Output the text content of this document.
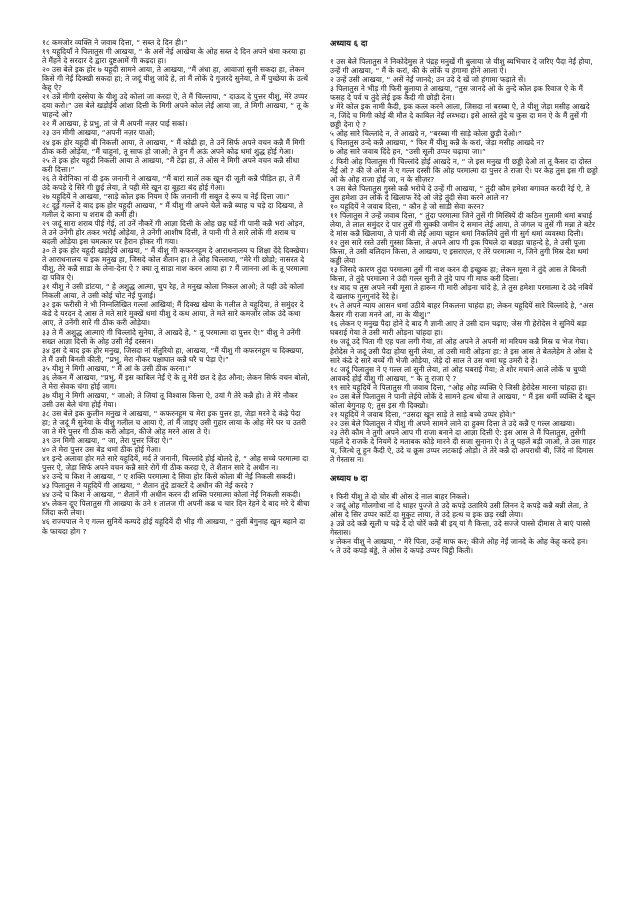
१८ कमजोर व्यक्ति ने जवाब दित्ता, “ सब्त दे दिन ही।”

१९ यहूदियाँ ने पिलातुस गी आखया, “ के असें नेई आखेया के ओह सब्त दे दिन अपने थंमा करया हा ते मैंहने दे सरदार दे द्वारा दुष्टआमें गी कढ़दा हा।

२० उस बेले इक होर ७ यहूदी सामने आया, ते आखया, “मैं अंधा हा, आवाजां सुनी सकदा हा, लेकन किसे गी नेईं दिक्खी सकदा हा; ते जदूं यीशु जांदे हे, तां मैं लोकें दे गुजरदे सुनेया, ते मैं पुच्छेया के उत्थें केह् ऐ?

२१ उन्नें मीगी दस्सेया के यीशु उदे कोलां जा करदा ऐ, ते मैं चिल्लाया, “ दाऊद दे पुत्तर यीशु, मेरे उप्पर दया करो।” उस बेले खड़ोईये आंशा दित्ती के मिगी अपने कोल लेईं आया जा, ते मिगी आखया, “ तू के चाहन्दे ओ?

२२ मैं आखया, हे प्रभु, तां जे मैं अपनी नज़र पाई सकां।

२३ उन मीगी आखया, “अपनी नज़र पाओ;

२४ इक होर यहूदी बी निकली आया, ते आखया, “ मैं कोढ़ी हा, ते उनें सिर्फ अपने वचन कन्नै मैं मिगी ठीक करी ओड़ेया, “मैं चाहुनां, तू साफ हो जाओ; ते हुन गैं अऊं अपने कोढ़ थमां शुद्ध होई गेआ।

२५ ते इक होर यहूदी निकली आया ते आखया, “मैं टेढ़ा हा, ते ओस ने मिगी अपने वचन कन्नै सीधा करी दित्ता।”

२६ ते वेरोनिका नां दी इक जनानी ने आखया, “मैं बारां सालें तक खून दी जूती कन्नै पीड़ित हा, ते मैं उंदे कपड़े दे सिरे गी छुई लेया, ते पही मेरे खून दा बूहटा बंद होई गेआ।

२७ यहूदियें ने आखया, “साड़े कोल इक नियम ऐ कि जनानी गी सबूत दे रूप च नेईं दित्ता जा।”

२८ दूई गल्लें दे बाद इक होर यहूदी आखया, “ मैं यीशु गी अपने चेलें कन्नै ब्याह च चड़े दा दिखया, ते गलील दे काना च शराब दी कमी ही।

२९ जदूं सारा शराब पीई गेई, तां उनें नौकरें गी आज्ञा दित्ती के ओह छह घड़ें गी पानी कन्नै भरां ओड़न, ते उने उनेंगी होर तकर भरोई ओड़ेया, ते उनेंगी आशीष दित्ती, ते पानी गी ते सारे लोकें गी शराब च बदली ओड़ेया इस चमत्कार पर हैरान होकर गी गया।

३० ते इक होर यहूदी खड़ोईये आखया, “ मैं यीशु गी कफरनहूम दे आराधनालय च शिक्षा देंदे दिक्खेया। ते आराधनालय च इक मनुख हा, जिसदे कोल शैतान हा। ते ओह चिल्लाया, “मेरे गी छोड़ो; नासरत दे यीशु, तेरे कन्नै साडा के लेना-देना ऐ ? क्या तू साडा नाश करन आया हा ? मैं जानना आं के तू परमात्मा दा पवित्र ऐ।

३१ यीशु ने उसी डांटया, “ हे अशुद्ध आत्मा, चुप रेह, ते मनुख कोला निकल आओ; ते पही उदे कोलां निकली आया, ते उसी कोई चोट नेईं पुजाई।

३२ इक फरीसी ने भी निम्नलिखित गल्लां आखियां; मैं दिक्ख खेया के गलील ते यहूदिया, ते समुंदर दे कंडे दे यरदन दे आस ते मते सारे मुक्खें थमां यीशु दे कथ आया, ते मते सारे कमजोर लोक उंदे कथा आए, ते उनेंगी सारें गी ठीक करी ओड़ेया।

३३ ते मैं अशुद्ध आत्माएं गी चिल्लांदे सुनेया, ते आखदे हे, “ तू परमात्मा दा पुत्तर ऐ!” यीशु ने उनेंगी सख्त आज्ञा दित्ती के ओह उसी नेईं दस्सन।

३४ इस दे बाद इक होर मनुख, जिसदा नां सेंतुरियो हा, आखया, “मैं यीशु गी कफरनहूम च दिक्खया, ते मैं उसी बिनती कीती, “प्रभु, मेरा नौकर पक्षाघात कन्नै घरै च पेड़ा ऐ।”

३५ यीशु ने मिगी आखया, “ मैं आं के उसी ठीक करना।”

३६ लेकन मैं आखया, “प्रभु, मैं इस काबिल नेईं ऐ के तू मेरी छत दे हेठ औना; लेकन सिर्फ वचन बोलो, ते मेरा सेवक चंगा होई जाग।

३७ यीशु ने मिगी आखया, “ जाओ; ते जियां तू विश्वास कित्ता ऐ, उयां गै तेरे कन्नै हो। ते मेरे नौकर उसी उस बेले चंगा होई गेया।

३८ उस बेले इक कुलीन मनुख ने आखया, “ कफरनहूम च मेरा इक पुत्तर हा, जेड़ा मरने दे कंढ़े पेदा हा; ते जदूं मैं सुनेया के यीशु गलील च आया ऐ, तां मैं जाइए उसी गुहार लाया के ओह मेरे घर च उतरी जा ते मेरे पुत्तर गी ठीक करी ओड़न, कीजे ओह मरने आस ते ऐ।

३९ उन मिगी आखया, “ जा, तेरा पुत्तर जिंदा ऐ।”

४० ते मेरा पुत्तर उस बेड थमां ठीक होई गेआ।

४१ इन्दे अलावा होर मते सारे यहूदियें, मर्द ते जनानी, चिल्लांदे होई बोलदे हे, “ ओह सच्चे परमात्मा दा पुत्तर ऐ, जेड़ा सिर्फ अपने वचन कन्नै सारे रोगें गी ठीक करदा ऐ, ते शैतान सारे दे अधीन न।

४२ उन्दे च किश ने आखया, “ ए शक्ति परमात्मा दे सिवा होर किसे कोला बी नेईं निकली सकदी।

४३ पिलातुस ने यहूदियें गी आखया, “ शैतान तुंदे डाक्टरें दे अधीन की नेईं करदे ?

४४ उन्दे च किश ने आखया, “ शैतानें गी अधीन करन दी शक्ति परमात्मा कोलां नेईं निकली सकदी।

४५ लेकन दूए पिलातुस गी आखया के उने १ तालज गी अपनी कब्र च चार दिन रेहने दे बाद मरे दे बीचा जिंदा करी लेया।

४६ राज्यपाल ने ए गल्ल सुनियें कम्पदे होई यहूदियें दी भीड़ गी आखया, “ तुसीं बेगुनाह खून बहाने दा के फायदा होग ?

अध्याय ६ दा

१ उस बेले पिलातुस ने निकोदेमुस ते पंद्रह मनुखें गी बुलाया जे यीशु ब्यभिचार दे जरिए पैदा नेईं होया, उन्हें गी आखया, “ मैं के करां, की के लोकें च हंगामा होने आला ऐ।

२ उन्हें उसी आखया, “ असें नेईं जानदे; उन उदे दे खें जो हंगामा फड़ाते सें।

३ पिलातुस ने भीड़ गी फिरी बुलाया ते आखया, “तुस जानदे ओ के तुन्दे कोल इक रिवाज ऐ के मैं फसह दे पर्व च तुंदे लेई इक कैदी गी छोड़ी देना।

४ मेरे कोल इक नामी कैदी, इक कत्ल करने आला, जिसदा नां बरब्बा ऐ, ते यीशु जेड़ा मसीह आखदे न, जिंदे च मिगी कोई बी मौत दे काबिल नेईं लब्भदा। इसे आस्ते तुंदे च कुस दा मन ऐ के मैं तुसें गी छड्डी देना ऐ ?

५ ओह सारे चिल्लांदे न, ते आखदे न, “बरब्बा गी साड़े कोला छुड़ी देओ।”

६ पिलातुस उन्दे कन्नै आखया, “ फिर मैं यीशु कन्नै के करां, जेड़ा मसीह आखदे न?

७ ओह सारे जवाब दिंदे हन, “उसी सूली उप्पर चढ़ाया जा।”

८ फिरी ओह पिलातुस गी चिल्लांदे होई आखदे न, “ जे इस मनुख गी छड्डी देओ तां तू कैसर दा दोस्त नेईं ओ ? की जे ओस ने ए गल्ल दस्सी कि ओह परमात्मा दा पुत्तर ते राजा ऐ। पर केह तुस इस गी छड्डो ओ के ओह राजा होईं जा, न के सीज़र?

९ उस बेले पिलातुस गुस्से कन्नै भरोचे दे उन्हें गी आखया, “ तुंदी कौम हमेशा बगावत करदी रेई ऐ, ते तुस हमेशा उन लोकें दे खिलाफ रेंदे ओ जेड़े तुंदी सेवा करने आले न?

१० यहूदियें ने जवाब दित्ता, “ कौन हे जो साडी सेवा करन?

११ पिलातुस ने उन्हें जवाब दित्ता, “ तुंदा परमात्मा जिने तुसें गी मिस्त्रियें दी कठिन गुलामी थमां बचाई लेया, ते लाल समुंदर दे पार तुसें गी सुक्की जमीन दे समान लेई आया, ते जंगल च तुसें गी मन्ना ते बटेर दे मांस कन्नै खिलाया, ते पानी बी लेई आया चट्टान थमां निकलिये तुसें गी सुर्ग थमां व्यवस्था दित्ती।

१२ तुस सारे रस्ते उसी गुस्सा कित्ता, ते अपने आप गी इक पिघले दा बछड़ा चाहन्दे हे, ते उसी पूजा कित्ता, ते उसी बलिदान कित्ता, ते आखया, ए इसराएल, ए तेरे परमात्मा न, जिने तुगी मिस्र देश थमां कड्डी लेया

१३ जिसदे कारण तुंदा परमात्मा तुसें गी नाश करन दी इच्छुक हा; लेकन मूसा ने तुंदे आस ते बिनती कित्ता, ते तुंदे परमात्मा ने उंदी गल्ल सुनी ते तुंदे पाप गी माफ करी दित्ता।

१४ बाद च तुस अपने नबी मूसा ते हारून गी मारी ओड़ना चांदे हे, ते तुस हमेशा परमात्मा दे उंदे नबियें दे खलाफ गुनगुनांदे रेंदे हे।

१५ ते अपने न्याय आसन थमां उठीये बाहर निकलना चाहंदा हा; लेकन यहूदियें सारे चिल्लांदे हे, “अस कैसर गी राजा मनने आं, ना के यीशु।”

१६ लेकन ए मनुख पैदा होने दे बाद गै ज्ञानी आए ते उसी दान चढ़ाए; जेस गी हेरोदेस ने सुनियें बड़ा घबराई गेया ते उसी मारी ओड़ना चांहदा हा।

१७ जदूं उदे पिता गी एह पता लगी गेया, तां ओह अपने ते अपनी मां मरियम कन्नै मिस्र च भेज गेया। हेरोदेस ने जदूं उसी पैदा होया सुनी लेया, तां उसी मारी ओड़ना हा: ते इस आस ते बेतलेहेम ते ओस दे सारे कंढे दे सारे बच्चें गी भेजी ओड़ेया, जेड़े दो साल ते उस थमां घट्ट उमरी दे हे।

१८ जदूं पिलातुस ने ए गल्ल लां सुनी लेया, तां ओह घबराई गेया; ते शोर मचाने आले लोकें च चुप्पी आवक्दे होई यीशु गी आखया, “ के तू राजा ऐ ?

१९ सारे यहूदियें ने पिलातुस गी जवाब दित्ता, “ओह ओह व्यक्ति ऐ जिसी हेरोदेस मारना चांहदा हा।

२० उस बेले पिलातुस ने पानी लेईये लोकें दे सामने हत्थ धोया ते आखया, “ मैं इस धर्मी व्यक्ति दे खून कोला बेगुनाह एं; तुस इस गी दिक्खो।

२१ यहूदियें ने जवाब दित्ता, “उसदा खून साड़े ते साड़े बच्चे उप्पर होवे।”

२२ उस बेले पिलातुस ने यीशु गी अपने सामने लाने दा हुक्म दित्ता ते उदे कन्नै ए गल्ल आखया।

२३ तेरी कौम ने तुगी अपने आप गी राजा बनाने दा आज्ञा दित्ती ऐ: इस आस ते मैं पिलातुस, तुसेंगी पहलें दे राजकें दे नियमें दे मताबक कोड़े मारने दी सजा सुनाना ऐ। ते तू पहलें बड़ी जाओ, ते उस गाहर च, जित्थे तू हुन कैदी ऐ, उदे च क्रूस उप्पर लटकाई ओड़ो। ते तेरे कन्नै दो अपराधी बी, जिंदे नां दिमास ते गेस्तास न।

अध्याय ७ दा

१ फिरी यीशु ते दो चोर बी ओस दे नाल बाहर निकले।

२ जदूं ओह गोलगोथा नां दे थाहर पुज्जे ते उदे कपड़े उतारिये उसी लिनन दे कपड़े कन्नै बन्नी लेता, ते ओस दे सिर उप्पर कांटें दा मुकुट लाया, ते उदे हत्थ च इक छड़ रखी लेया।

३ उन्ने उदे कन्नै सूली च चढ़े दे दो चोरें कन्नै बी इय् यां गै कित्ता, उदे सज्जे पास्से दीमास ते बाएं पास्से गेस्तास।

४ लेकन यीशु ने आखया, “ मेरे पिता, उन्हें माफ कर; कीजे ओह नेईं जानदे के ओह केह् करदे हन।

५ ते उदे कपड़े बंड्डे, ते ओस दे कपड़े उप्पर चिट्ठी किती।
